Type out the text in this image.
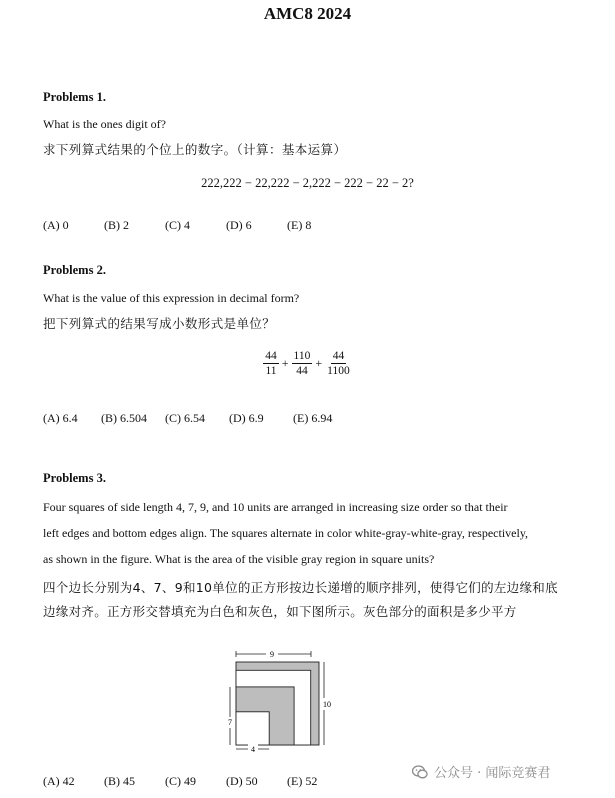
AMC8 2024
Problems 1.
What is the ones digit of?
求下列算式结果的个位上的数字。（计算：基本运算）
222,222 − 22,222 − 2,222 − 222 − 22 − 2?
(A) 0	(B) 2	(C) 4	(D) 6	(E) 8
Problems 2.
What is the value of this expression in decimal form?
把下列算式的结果写成小数形式是单位？
$\frac{44}{11} + \frac{110}{44} + \frac{44}{1100}$
(A) 6.4 (B) 6.504 (C) 6.54 (D) 6.9 (E) 6.94
Problems 3.
Four squares of side length 4, 7, 9, and 10 units are arranged in increasing size order so that their
left edges and bottom edges align. The squares alternate in color white-gray-white-gray, respectively,
as shown in the figure. What is the area of the visible gray region in square units?
四个边长分别为4、7、9和10单位的正方形按边长递增的顺序排列，使得它们的左边缘和底
边缘对齐。正方形交替填充为白色和灰色，如下图所示。灰色部分的面积是多少平方
9
10
7
4
(A) 42 (B) 45	(C) 49	(D) 50 (E) 52	公众号 · 闻际竞赛君
